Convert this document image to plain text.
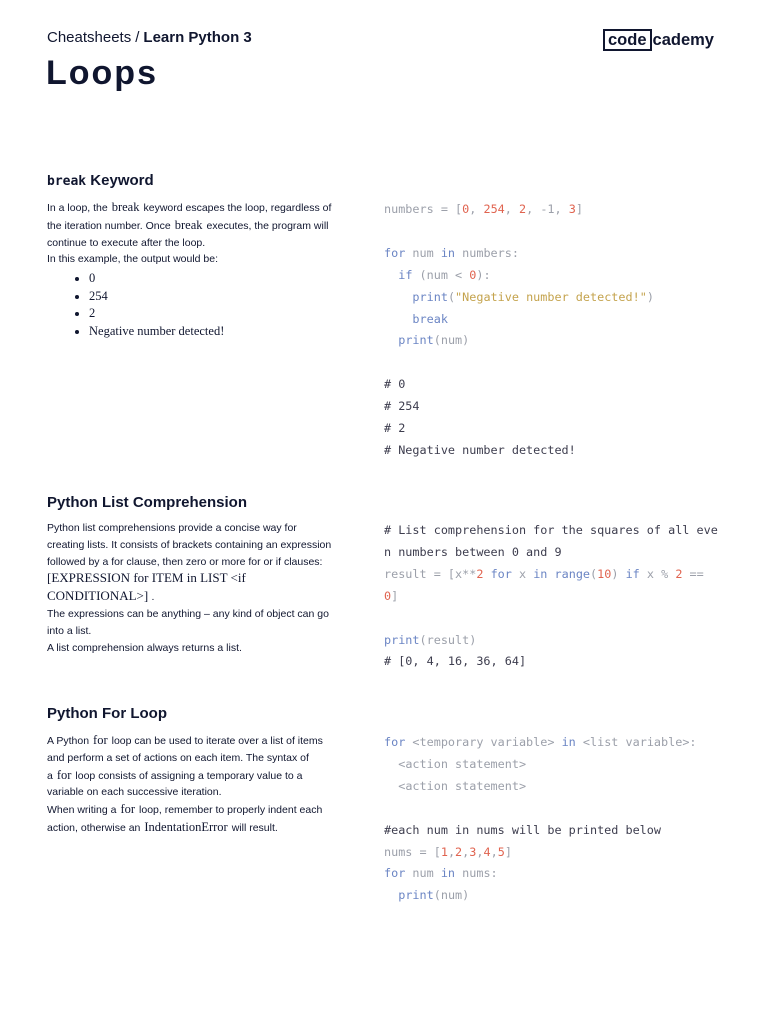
Cheatsheets / Learn Python 3	code cademy
Loops
break Keyword

In a loop, the break keyword escapes the loop, regardless of the iteration number. Once break executes, the program will continue to execute after the loop.

In this example, the output would be:

• 0
• 254
• 2
• Negative number detected!
numbers = [0, 254, 2, -1, 3]

for num in numbers:
if (num < 0):
print("Negative number detected!")
break
print(num)

# 0
# 254
# 2
# Negative number detected!
Python List Comprehension

Python list comprehensions provide a concise way for creating lists. It consists of brackets containing an expression followed by a for clause, then zero or more for or if clauses: [EXPRESSION for ITEM in LIST <if CONDITIONAL>] .

The expressions can be anything – any kind of object can go into a list.

A list comprehension always returns a list.

# List comprehension for the squares of all even numbers between 0 and 9
result = [x**2 for x in range(10) if x % 2 == 0]

print(result)
# [0, 4, 16, 36, 64]
Python For Loop

A Python for loop can be used to iterate over a list of items and perform a set of actions on each item. The syntax of a for loop consists of assigning a temporary value to a variable on each successive iteration.

When writing a for loop, remember to properly indent each action, otherwise an IndentationError will result.

for <temporary variable> in <list variable>:
<action statement>
<action statement>

#each num in nums will be printed below
nums = [1,2,3,4,5]
for num in nums:
print(num)
